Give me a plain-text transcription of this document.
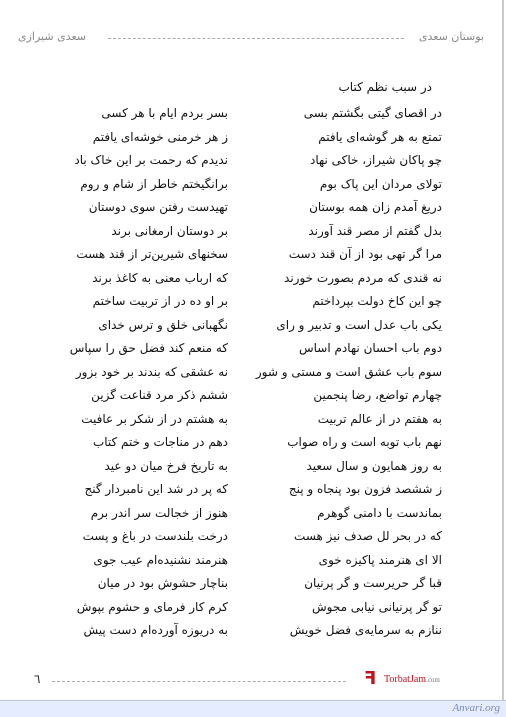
بوستان سعدی
سعدی شیرازی
در سبب نظم کتاب
در اقصای گیتی بگشتم بسی
بسر بردم ایام با هر کسی
تمتع به هر گوشه‌ای یافتم
ز هر خرمنی خوشه‌ای یافتم
چو پاکان شیراز، خاکی نهاد
ندیدم که رحمت بر این خاک باد
تولای مردان این پاک بوم
برانگیختم خاطر از شام و روم
دریغ آمدم زان همه بوستان
تهیدست رفتن سوی دوستان
بدل گفتم از مصر قند آورند
بر دوستان ارمغانی برند
مرا گر تهی بود از آن قند دست
سخنهای شیرین‌تر از قند هست
نه قندی که مردم بصورت خورند
که ارباب معنی به کاغذ برند
چو این کاخ دولت بپرداختم
بر او ده در از تربیت ساختم
یکی باب عدل است و تدبیر و رای
نگهبانی خلق و ترس خدای
دوم باب احسان نهادم اساس
که منعم کند فضل حق را سپاس
سوم باب عشق است و مستی و شور
نه عشقی که بندند بر خود بزور
چهارم تواضع، رضا پنجمین
ششم ذکر مرد قناعت گزین
به هفتم در از عالم تربیت
به هشتم در از شکر بر عافیت
نهم باب توبه است و راه صواب
دهم در مناجات و ختم کتاب
به روز همایون و سال سعید
به تاریخ فرخ میان دو عید
ز ششصد فزون بود پنجاه و پنج
که پر در شد این نامبردار گنج
بماندست با دامنی گوهرم
هنوز از خجالت سر اندر برم
که در بحر لل صدف نیز هست
درخت بلندست در باغ و پست
الا ای هنرمند پاکیزه خوی
هنرمند نشنیده‌ام عیب جوی
قبا گر حریرست و گر پرنیان
بناچار حشوش بود در میان
تو گر پرنیانی نیابی مجوش
کرم کار فرمای و حشوم بپوش
ننازم به سرمایه‌ی فضل خویش
به دریوزه آورده‌ام دست پیش
٦	ꟻ TorbatJam.com
Anvari.org
